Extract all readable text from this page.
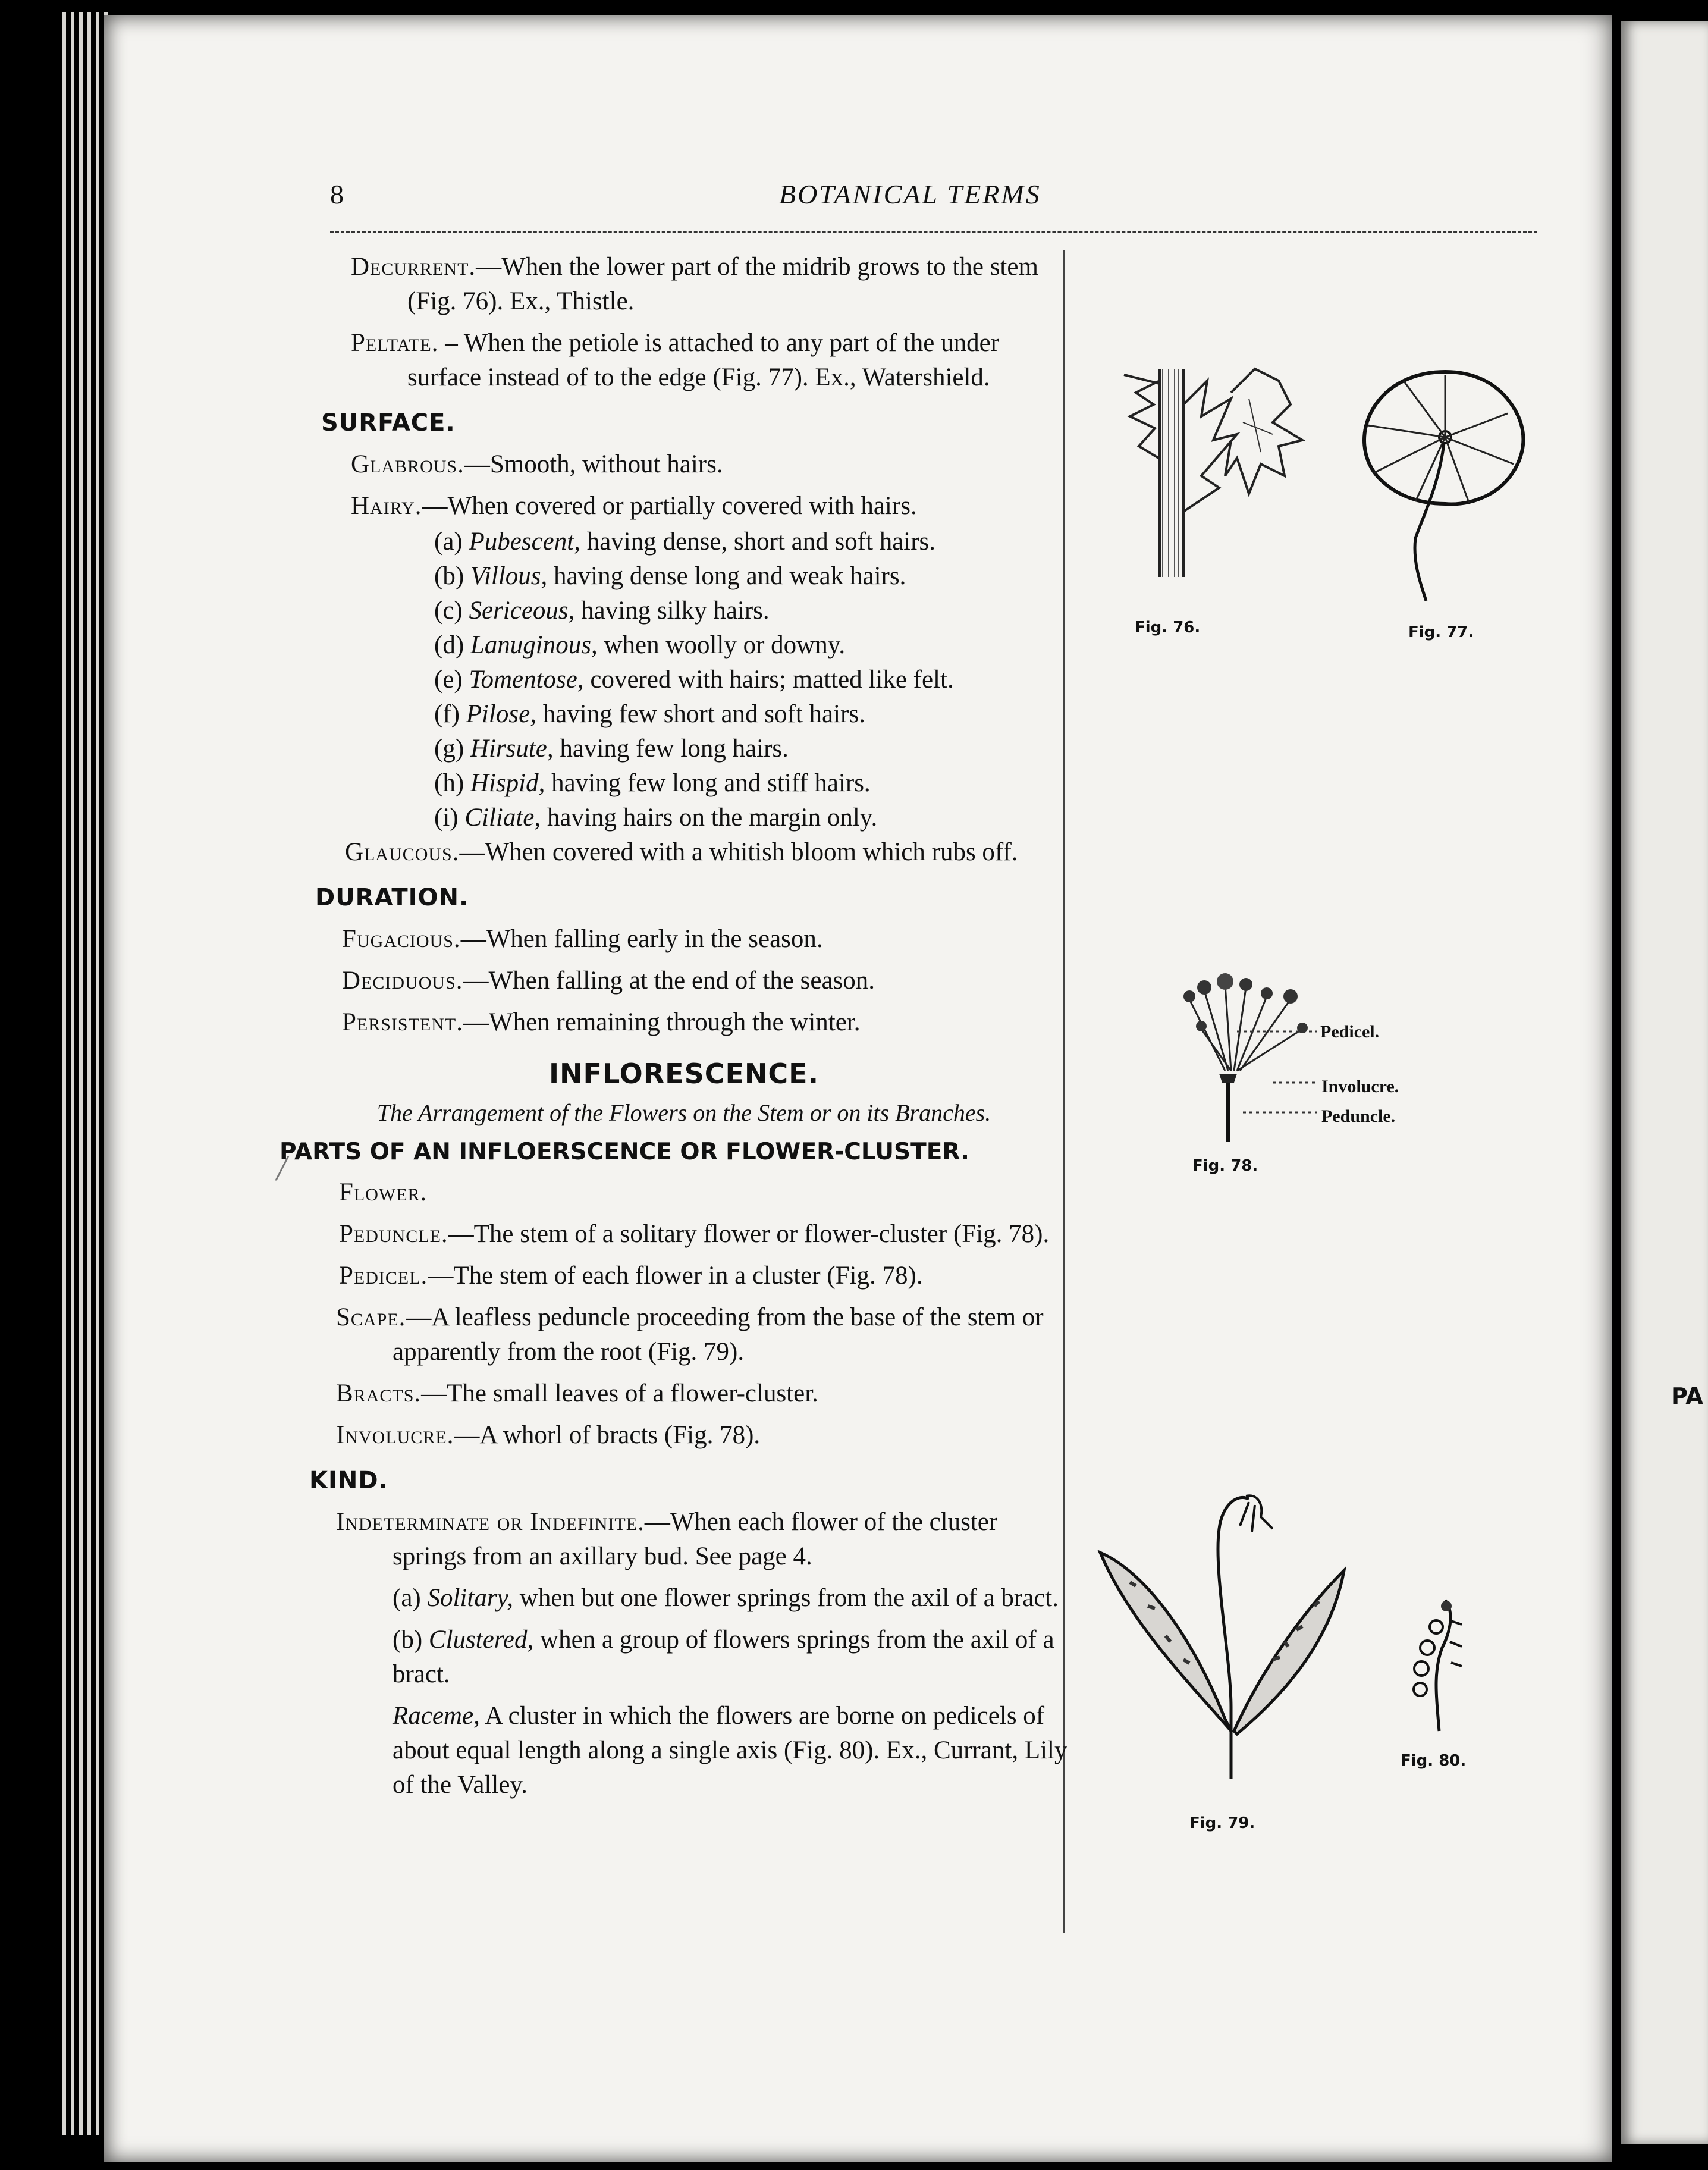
PA
8	BOTANICAL TERMS
/

Decurrent.—When the lower part of the midrib grows to the stem (Fig. 76). Ex., Thistle.

Peltate. – When the petiole is attached to any part of the under surface instead of to the edge (Fig. 77). Ex., Watershield.

SURFACE.

Glabrous.—Smooth, without hairs.

Hairy.—When covered or partially covered with hairs.

(a) Pubescent, having dense, short and soft hairs.
(b) Villous, having dense long and weak hairs.
(c) Sericeous, having silky hairs.
(d) Lanuginous, when woolly or downy.
(e) Tomentose, covered with hairs; matted like felt.
(f) Pilose, having few short and soft hairs.
(g) Hirsute, having few long hairs.
(h) Hispid, having few long and stiff hairs.
(i) Ciliate, having hairs on the margin only.

Glaucous.—When covered with a whitish bloom which rubs off.

DURATION.

Fugacious.—When falling early in the season.

Deciduous.—When falling at the end of the season.

Persistent.—When remaining through the winter.

INFLORESCENCE.
The Arrangement of the Flowers on the Stem or on its Branches.
PARTS OF AN INFLOERSCENCE OR FLOWER-CLUSTER.

Flower.

Peduncle.—The stem of a solitary flower or flower-cluster (Fig. 78).

Pedicel.—The stem of each flower in a cluster (Fig. 78).

Scape.—A leafless peduncle proceeding from the base of the stem or apparently from the root (Fig. 79).

Bracts.—The small leaves of a flower-cluster.

Involucre.—A whorl of bracts (Fig. 78).

KIND.

Indeterminate or Indefinite.—When each flower of the cluster springs from an axillary bud. See page 4.

(a) Solitary, when but one flower springs from the axil of a bract.

(b) Clustered, when a group of flowers springs from the axil of a bract.

Raceme, A cluster in which the flowers are borne on pedicels of about equal length along a single axis (Fig. 80). Ex., Currant, Lily of the Valley.

Fig. 76.	Fig. 77.
Pedicel.
Involucre.
Peduncle.
Fig. 78.
Fig. 79.
Fig. 80.
